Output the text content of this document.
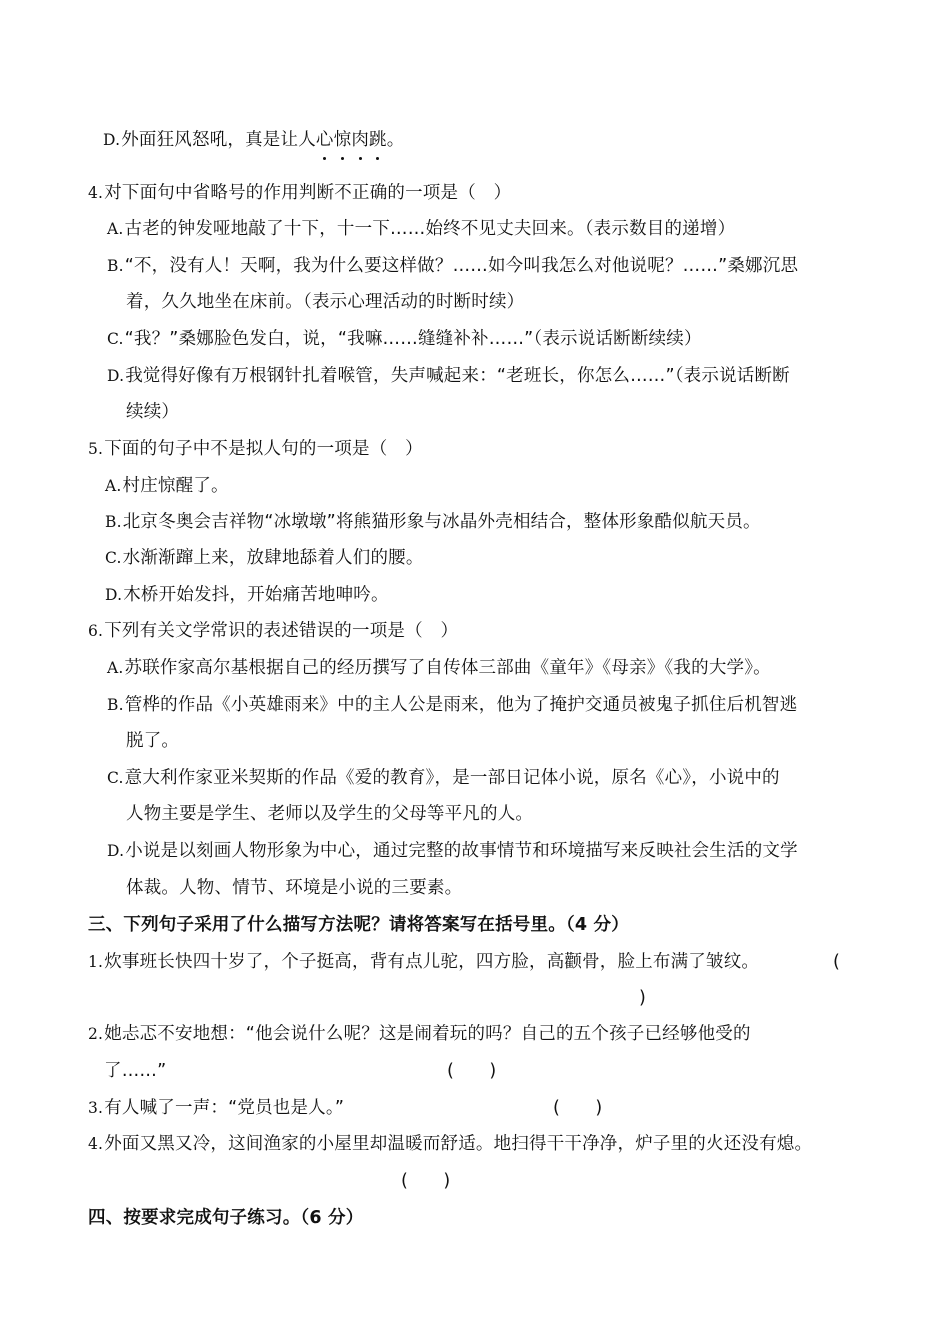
D.外面狂风怒吼，真是让人心惊肉跳。
4.对下面句中省略号的作用判断不正确的一项是（　）
A.古老的钟发哑地敲了十下，十一下……始终不见丈夫回来。（表示数目的递增）
B.“不，没有人！天啊，我为什么要这样做？……如今叫我怎么对他说呢？……”桑娜沉思
着，久久地坐在床前。（表示心理活动的时断时续）
C.“我？”桑娜脸色发白，说，“我嘛……缝缝补补……”（表示说话断断续续）
D.我觉得好像有万根钢针扎着喉管，失声喊起来：“老班长，你怎么……”（表示说话断断
续续）
5.下面的句子中不是拟人句的一项是（　）
A.村庄惊醒了。
B.北京冬奥会吉祥物“冰墩墩”将熊猫形象与冰晶外壳相结合，整体形象酷似航天员。
C.水渐渐蹿上来，放肆地舔着人们的腰。
D.木桥开始发抖，开始痛苦地呻吟。
6.下列有关文学常识的表述错误的一项是（　）
A.苏联作家高尔基根据自己的经历撰写了自传体三部曲《童年》《母亲》《我的大学》。
B.管桦的作品《小英雄雨来》中的主人公是雨来，他为了掩护交通员被鬼子抓住后机智逃
脱了。
C.意大利作家亚米契斯的作品《爱的教育》，是一部日记体小说，原名《心》，小说中的
人物主要是学生、老师以及学生的父母等平凡的人。
D.小说是以刻画人物形象为中心，通过完整的故事情节和环境描写来反映社会生活的文学
体裁。人物、情节、环境是小说的三要素。
三、下列句子采用了什么描写方法呢？请将答案写在括号里。（4 分）
1.炊事班长快四十岁了，个子挺高，背有点儿驼，四方脸，高颧骨，脸上布满了皱纹。	(
)
2.她忐忑不安地想：“他会说什么呢？这是闹着玩的吗？自己的五个孩子已经够他受的
了……”	(　　)
3.有人喊了一声：“党员也是人。”	(　　)
4.外面又黑又冷，这间渔家的小屋里却温暖而舒适。地扫得干干净净，炉子里的火还没有熄。
(　　)
四、按要求完成句子练习。（6 分）
